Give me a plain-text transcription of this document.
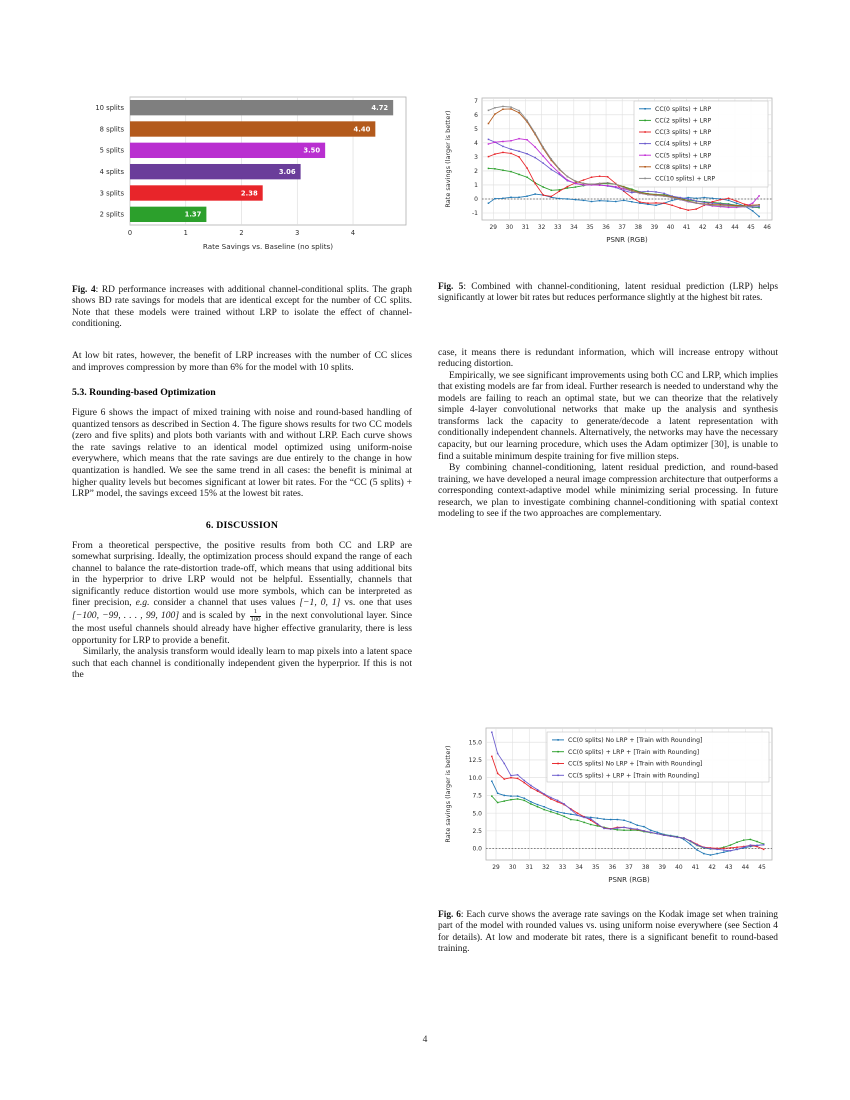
0	1	2	3	4
4.72
10 splits
4.40
8 splits
3.50
5 splits
3.06
4 splits
2.38
3 splits
1.37
2 splits
Rate Savings vs. Baseline (no splits)
29 30 31 32 33 34 35 36 37 38 39 40 41 42 43 44 45 46
-1
0
1
2
3
4
5
6
7
PSNR (RGB)
Rate savings (larger is better)
CC(0 splits) + LRP
CC(2 splits) + LRP
CC(3 splits) + LRP
CC(4 splits) + LRP
CC(5 splits) + LRP
CC(8 splits) + LRP
CC(10 splits) + LRP
29 30 31 32 33 34 35 36 37 38 39 40 41 42 43 44 45
0.0
2.5
5.0
7.5
10.0
12.5
15.0
PSNR (RGB)
Rate savings (larger is better)
CC(0 splits) No LRP + [Train with Rounding]
CC(0 splits) + LRP + [Train with Rounding]
CC(5 splits) No LRP + [Train with Rounding]
CC(5 splits) + LRP + [Train with Rounding]

Fig. 4: RD performance increases with additional channel-conditional splits. The graph shows BD rate savings for models that are identical except for the number of CC splits. Note that these models were trained without LRP to isolate the effect of channel-conditioning.

At low bit rates, however, the benefit of LRP increases with the number of CC slices and improves compression by more than 6% for the model with 10 splits.

5.3. Rounding-based Optimization

Figure 6 shows the impact of mixed training with noise and round-based handling of quantized tensors as described in Section 4. The figure shows results for two CC models (zero and five splits) and plots both variants with and without LRP. Each curve shows the rate savings relative to an identical model optimized using uniform-noise everywhere, which means that the rate savings are due entirely to the change in how quantization is handled. We see the same trend in all cases: the benefit is minimal at higher quality levels but becomes significant at lower bit rates. For the “CC (5 splits) + LRP” model, the savings exceed 15% at the lowest bit rates.

6. DISCUSSION

From a theoretical perspective, the positive results from both CC and LRP are somewhat surprising. Ideally, the optimization process should expand the range of each channel to balance the rate-distortion trade-off, which means that using additional bits in the hyperprior to drive LRP would not be helpful. Essentially, channels that significantly reduce distortion would use more symbols, which can be interpreted as finer precision, e.g. consider a channel that uses values [−1, 0, 1] vs. one that uses [−100, −99, . . . , 99, 100] and is scaled by $\frac{1}{100}$ in the next convolutional layer. Since the most useful channels should already have higher effective granularity, there is less opportunity for LRP to provide a benefit.

Similarly, the analysis transform would ideally learn to map pixels into a latent space such that each channel is conditionally independent given the hyperprior. If this is not the

Fig. 5: Combined with channel-conditioning, latent residual prediction (LRP) helps significantly at lower bit rates but reduces performance slightly at the highest bit rates.

case, it means there is redundant information, which will increase entropy without reducing distortion.

Empirically, we see significant improvements using both CC and LRP, which implies that existing models are far from ideal. Further research is needed to understand why the models are failing to reach an optimal state, but we can theorize that the relatively simple 4-layer convolutional networks that make up the analysis and synthesis transforms lack the capacity to generate/decode a latent representation with conditionally independent channels. Alternatively, the networks may have the necessary capacity, but our learning procedure, which uses the Adam optimizer [30], is unable to find a suitable minimum despite training for five million steps.

By combining channel-conditioning, latent residual prediction, and round-based training, we have developed a neural image compression architecture that outperforms a corresponding context-adaptive model while minimizing serial processing. In future research, we plan to investigate combining channel-conditioning with spatial context modeling to see if the two approaches are complementary.

Fig. 6: Each curve shows the average rate savings on the Kodak image set when training part of the model with rounded values vs. using uniform noise everywhere (see Section 4 for details). At low and moderate bit rates, there is a significant benefit to round-based training.

4
